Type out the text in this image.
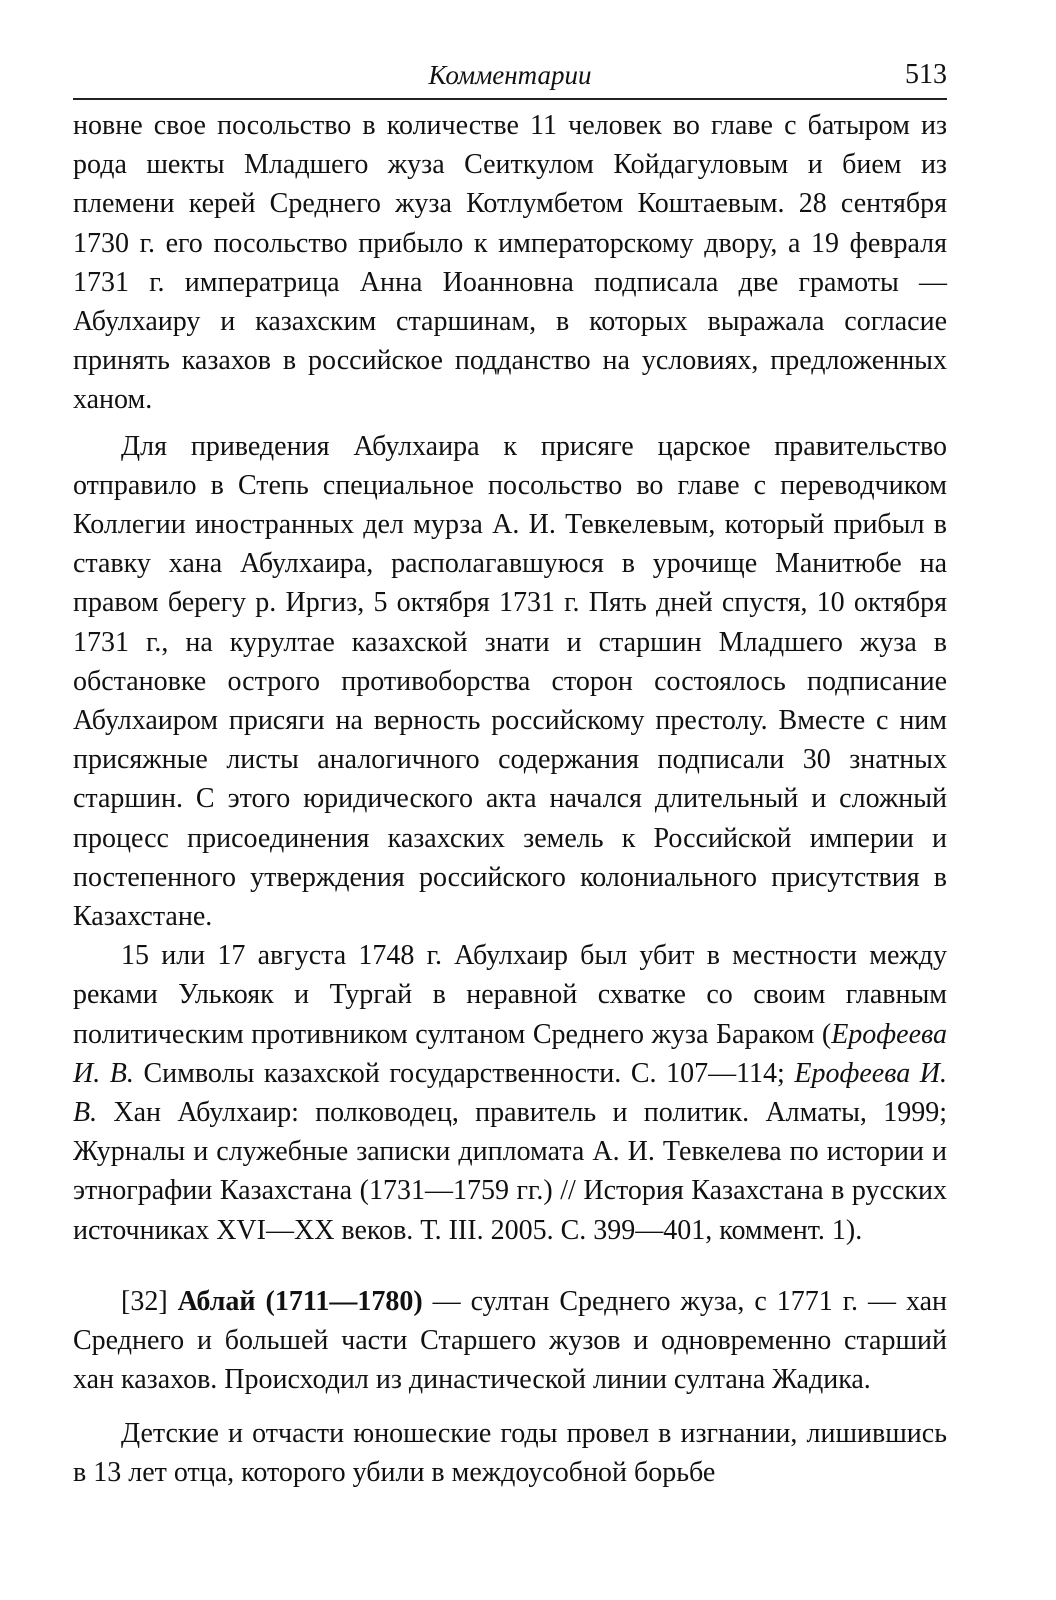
Комментарии	513

новне свое посольство в количестве 11 человек во главе с батыром из рода шекты Младшего жуза Сеиткулом Койдагуловым и бием из племени керей Среднего жуза Котлумбетом Коштаевым. 28 сентября 1730 г. его посольство прибыло к императорскому двору, а 19 февраля 1731 г. императрица Анна Иоанновна подписала две грамоты — Абулхаиру и казахским старшинам, в которых выражала согласие принять казахов в российское подданство на условиях, предложенных ханом.

Для приведения Абулхаира к присяге царское правительство отправило в Степь специальное посольство во главе с переводчиком Коллегии иностранных дел мурза А. И. Тевкелевым, который прибыл в ставку хана Абулхаира, располагавшуюся в урочище Манитюбе на правом берегу р. Иргиз, 5 октября 1731 г. Пять дней спустя, 10 октября 1731 г., на курултае казахской знати и старшин Младшего жуза в обстановке острого противоборства сторон состоялось подписание Абулхаиром присяги на верность российскому престолу. Вместе с ним присяжные листы аналогичного содержания подписали 30 знатных старшин. С этого юридического акта начался длительный и сложный процесс присоединения казахских земель к Российской империи и постепенного утверждения российского колониального присутствия в Казахстане.

15 или 17 августа 1748 г. Абулхаир был убит в местности между реками Улькояк и Тургай в неравной схватке со своим главным политическим противником султаном Среднего жуза Бараком (Ерофеева И. В. Символы казахской государственности. С. 107—114; Ерофеева И. В. Хан Абулхаир: полководец, правитель и политик. Алматы, 1999; Журналы и служебные записки дипломата А. И. Тевкелева по истории и этнографии Казахстана (1731—1759 гг.) // История Казахстана в русских источниках XVI—XX веков. Т. III. 2005. С. 399—401, коммент. 1).

[32] Аблай (1711—1780) — султан Среднего жуза, с 1771 г. — хан Среднего и большей части Старшего жузов и одновременно старший хан казахов. Происходил из династической линии султана Жадика.

Детские и отчасти юношеские годы провел в изгнании, лишившись в 13 лет отца, которого убили в междоусобной борьбе
